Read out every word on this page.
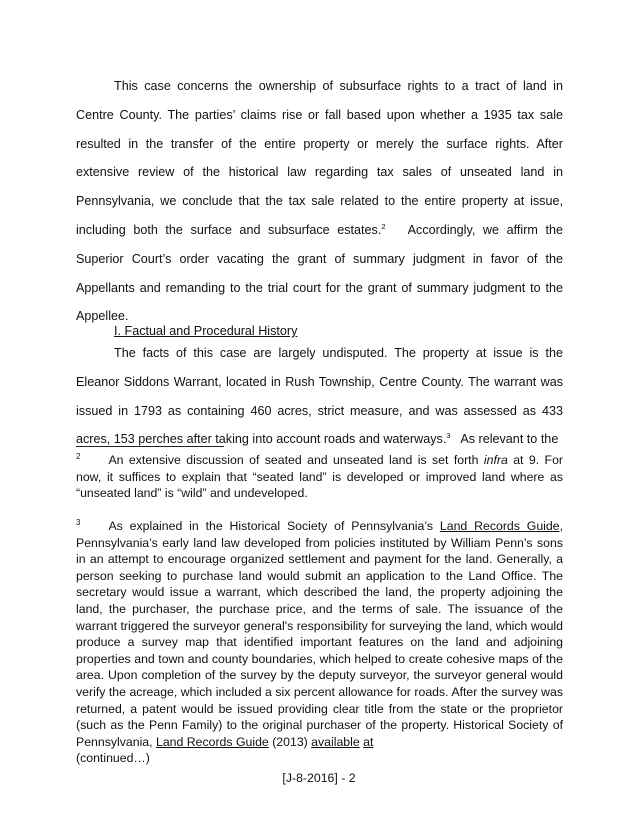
This case concerns the ownership of subsurface rights to a tract of land in Centre County. The parties’ claims rise or fall based upon whether a 1935 tax sale resulted in the transfer of the entire property or merely the surface rights. After extensive review of the historical law regarding tax sales of unseated land in Pennsylvania, we conclude that the tax sale related to the entire property at issue, including both the surface and subsurface estates.$^2$ Accordingly, we affirm the Superior Court’s order vacating the grant of summary judgment in favor of the Appellants and remanding to the trial court for the grant of summary judgment to the Appellee.
I. Factual and Procedural History
The facts of this case are largely undisputed. The property at issue is the Eleanor Siddons Warrant, located in Rush Township, Centre County. The warrant was issued in 1793 as containing 460 acres, strict measure, and was assessed as 433 acres, 153 perches after taking into account roads and waterways.$^3$ As relevant to the
$^2$ An extensive discussion of seated and unseated land is set forth infra at 9. For now, it suffices to explain that “seated land” is developed or improved land where as “unseated land” is “wild” and undeveloped.
$^3$ As explained in the Historical Society of Pennsylvania’s Land Records Guide, Pennsylvania’s early land law developed from policies instituted by William Penn’s sons in an attempt to encourage organized settlement and payment for the land. Generally, a person seeking to purchase land would submit an application to the Land Office. The secretary would issue a warrant, which described the land, the property adjoining the land, the purchaser, the purchase price, and the terms of sale. The issuance of the warrant triggered the surveyor general's responsibility for surveying the land, which would produce a survey map that identified important features on the land and adjoining properties and town and county boundaries, which helped to create cohesive maps of the area. Upon completion of the survey by the deputy surveyor, the surveyor general would verify the acreage, which included a six percent allowance for roads. After the survey was returned, a patent would be issued providing clear title from the state or the proprietor (such as the Penn Family) to the original purchaser of the property. Historical Society of Pennsylvania, Land Records Guide (2013) available at
(continued…)
[J-8-2016] - 2
